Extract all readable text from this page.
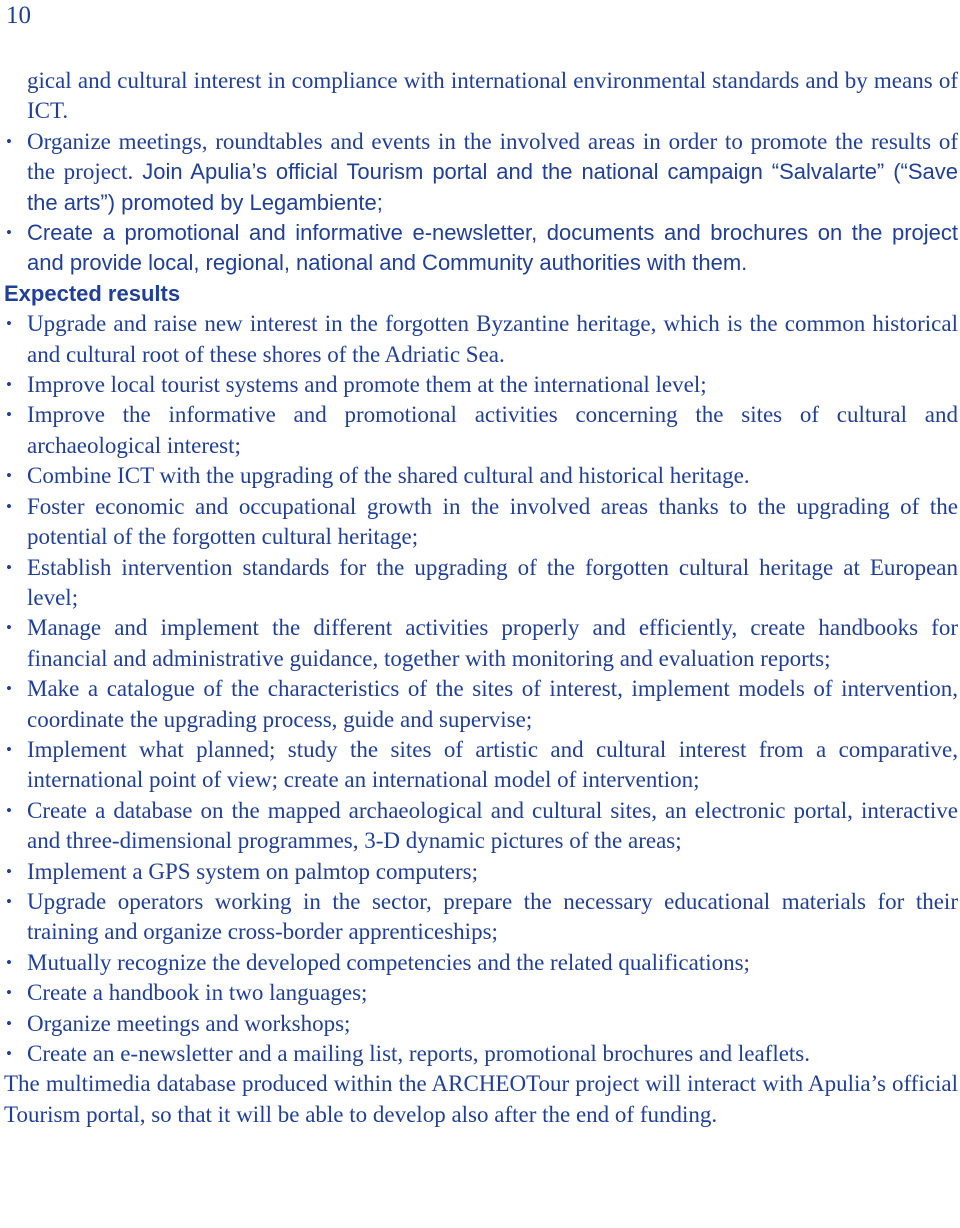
10
gical and cultural interest in compliance with international environmental standards and by means of ICT.
• Organize meetings, roundtables and events in the involved areas in order to promote the results of the project. Join Apulia’s official Tourism portal and the national campaign “Salvalarte” (“Save the arts”) promoted by Legambiente;
• Create a promotional and informative e-newsletter, documents and brochures on the project and provide local, regional, national and Community authorities with them.
Expected results
• Upgrade and raise new interest in the forgotten Byzantine heritage, which is the common historical and cultural root of these shores of the Adriatic Sea.
• Improve local tourist systems and promote them at the international level;
• Improve the informative and promotional activities concerning the sites of cultural and archaeological interest;
• Combine ICT with the upgrading of the shared cultural and historical heritage.
• Foster economic and occupational growth in the involved areas thanks to the upgrading of the potential of the forgotten cultural heritage;
• Establish intervention standards for the upgrading of the forgotten cultural heritage at European level;
• Manage and implement the different activities properly and efficiently, create handbooks for financial and administrative guidance, together with monitoring and evaluation reports;
• Make a catalogue of the characteristics of the sites of interest, implement models of intervention, coordinate the upgrading process, guide and supervise;
• Implement what planned; study the sites of artistic and cultural interest from a comparative, international point of view; create an international model of intervention;
• Create a database on the mapped archaeological and cultural sites, an electronic portal, interactive and three-dimensional programmes, 3-D dynamic pictures of the areas;
• Implement a GPS system on palmtop computers;
• Upgrade operators working in the sector, prepare the necessary educational materials for their training and organize cross-border apprenticeships;
• Mutually recognize the developed competencies and the related qualifications;
• Create a handbook in two languages;
• Organize meetings and workshops;
• Create an e-newsletter and a mailing list, reports, promotional brochures and leaflets.
The multimedia database produced within the ARCHEOTour project will interact with Apulia’s official Tourism portal, so that it will be able to develop also after the end of funding.
